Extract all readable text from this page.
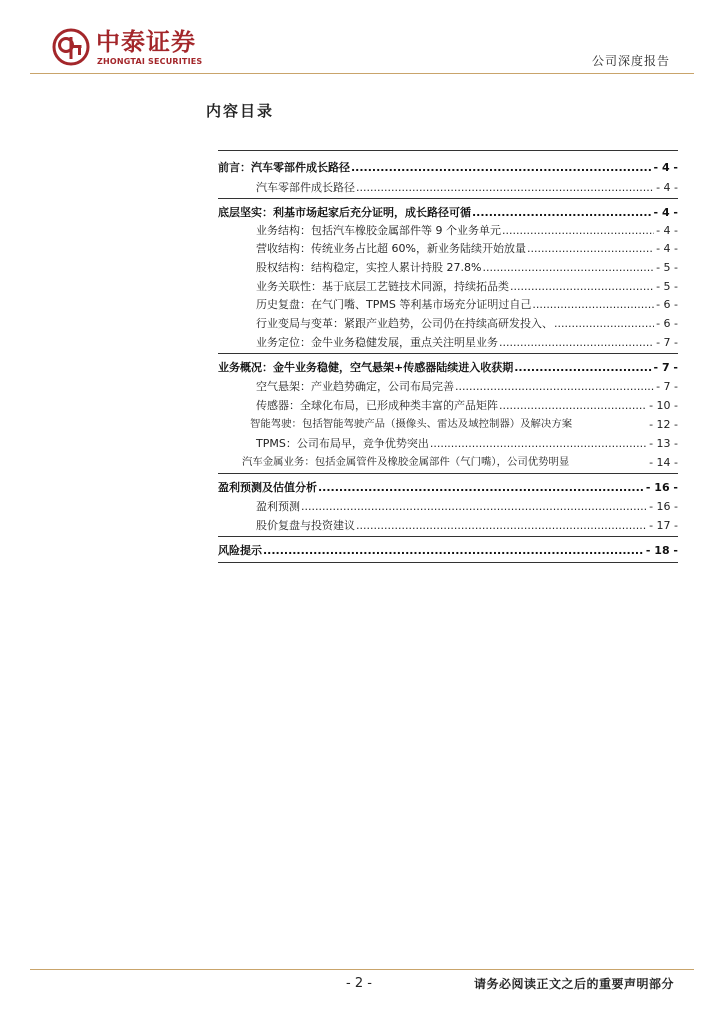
中泰证券
ZHONGTAI SECURITIES	公司深度报告
内容目录
前言：汽车零部件成长路径 .....	- 4 -
汽车零部件成长路径 .....	- 4 -
底层坚实：利基市场起家后充分证明，成长路径可循 .....	- 4 -
业务结构：包括汽车橡胶金属部件等 9 个业务单元 .....	- 4 -
营收结构：传统业务占比超 60%，新业务陆续开始放量 .....	- 4 -
股权结构：结构稳定，实控人累计持股 27.8% .....	- 5 -
业务关联性：基于底层工艺链技术同源，持续拓品类 .....	- 5 -
历史复盘：在气门嘴、TPMS 等利基市场充分证明过自己 .....	- 6 -
行业变局与变革：紧跟产业趋势，公司仍在持续高研发投入、 .....	- 6 -
业务定位：金牛业务稳健发展，重点关注明星业务 .....	- 7 -
业务概况：金牛业务稳健，空气悬架+传感器陆续进入收获期 .....	- 7 -
空气悬架：产业趋势确定，公司布局完善 .....	- 7 -
传感器：全球化布局，已形成种类丰富的产品矩阵 .....	- 10 -
智能驾驶：包括智能驾驶产品（摄像头、雷达及域控制器）及解决方案	- 12 -
TPMS：公司布局早，竞争优势突出 .....	- 13 -
汽车金属业务：包括金属管件及橡胶金属部件（气门嘴），公司优势明显	- 14 -
盈利预测及估值分析 .....	- 16 -
盈利预测 .....	- 16 -
股价复盘与投资建议 .....	- 17 -
风险提示 .....	- 18 -
- 2 -	请务必阅读正文之后的重要声明部分
